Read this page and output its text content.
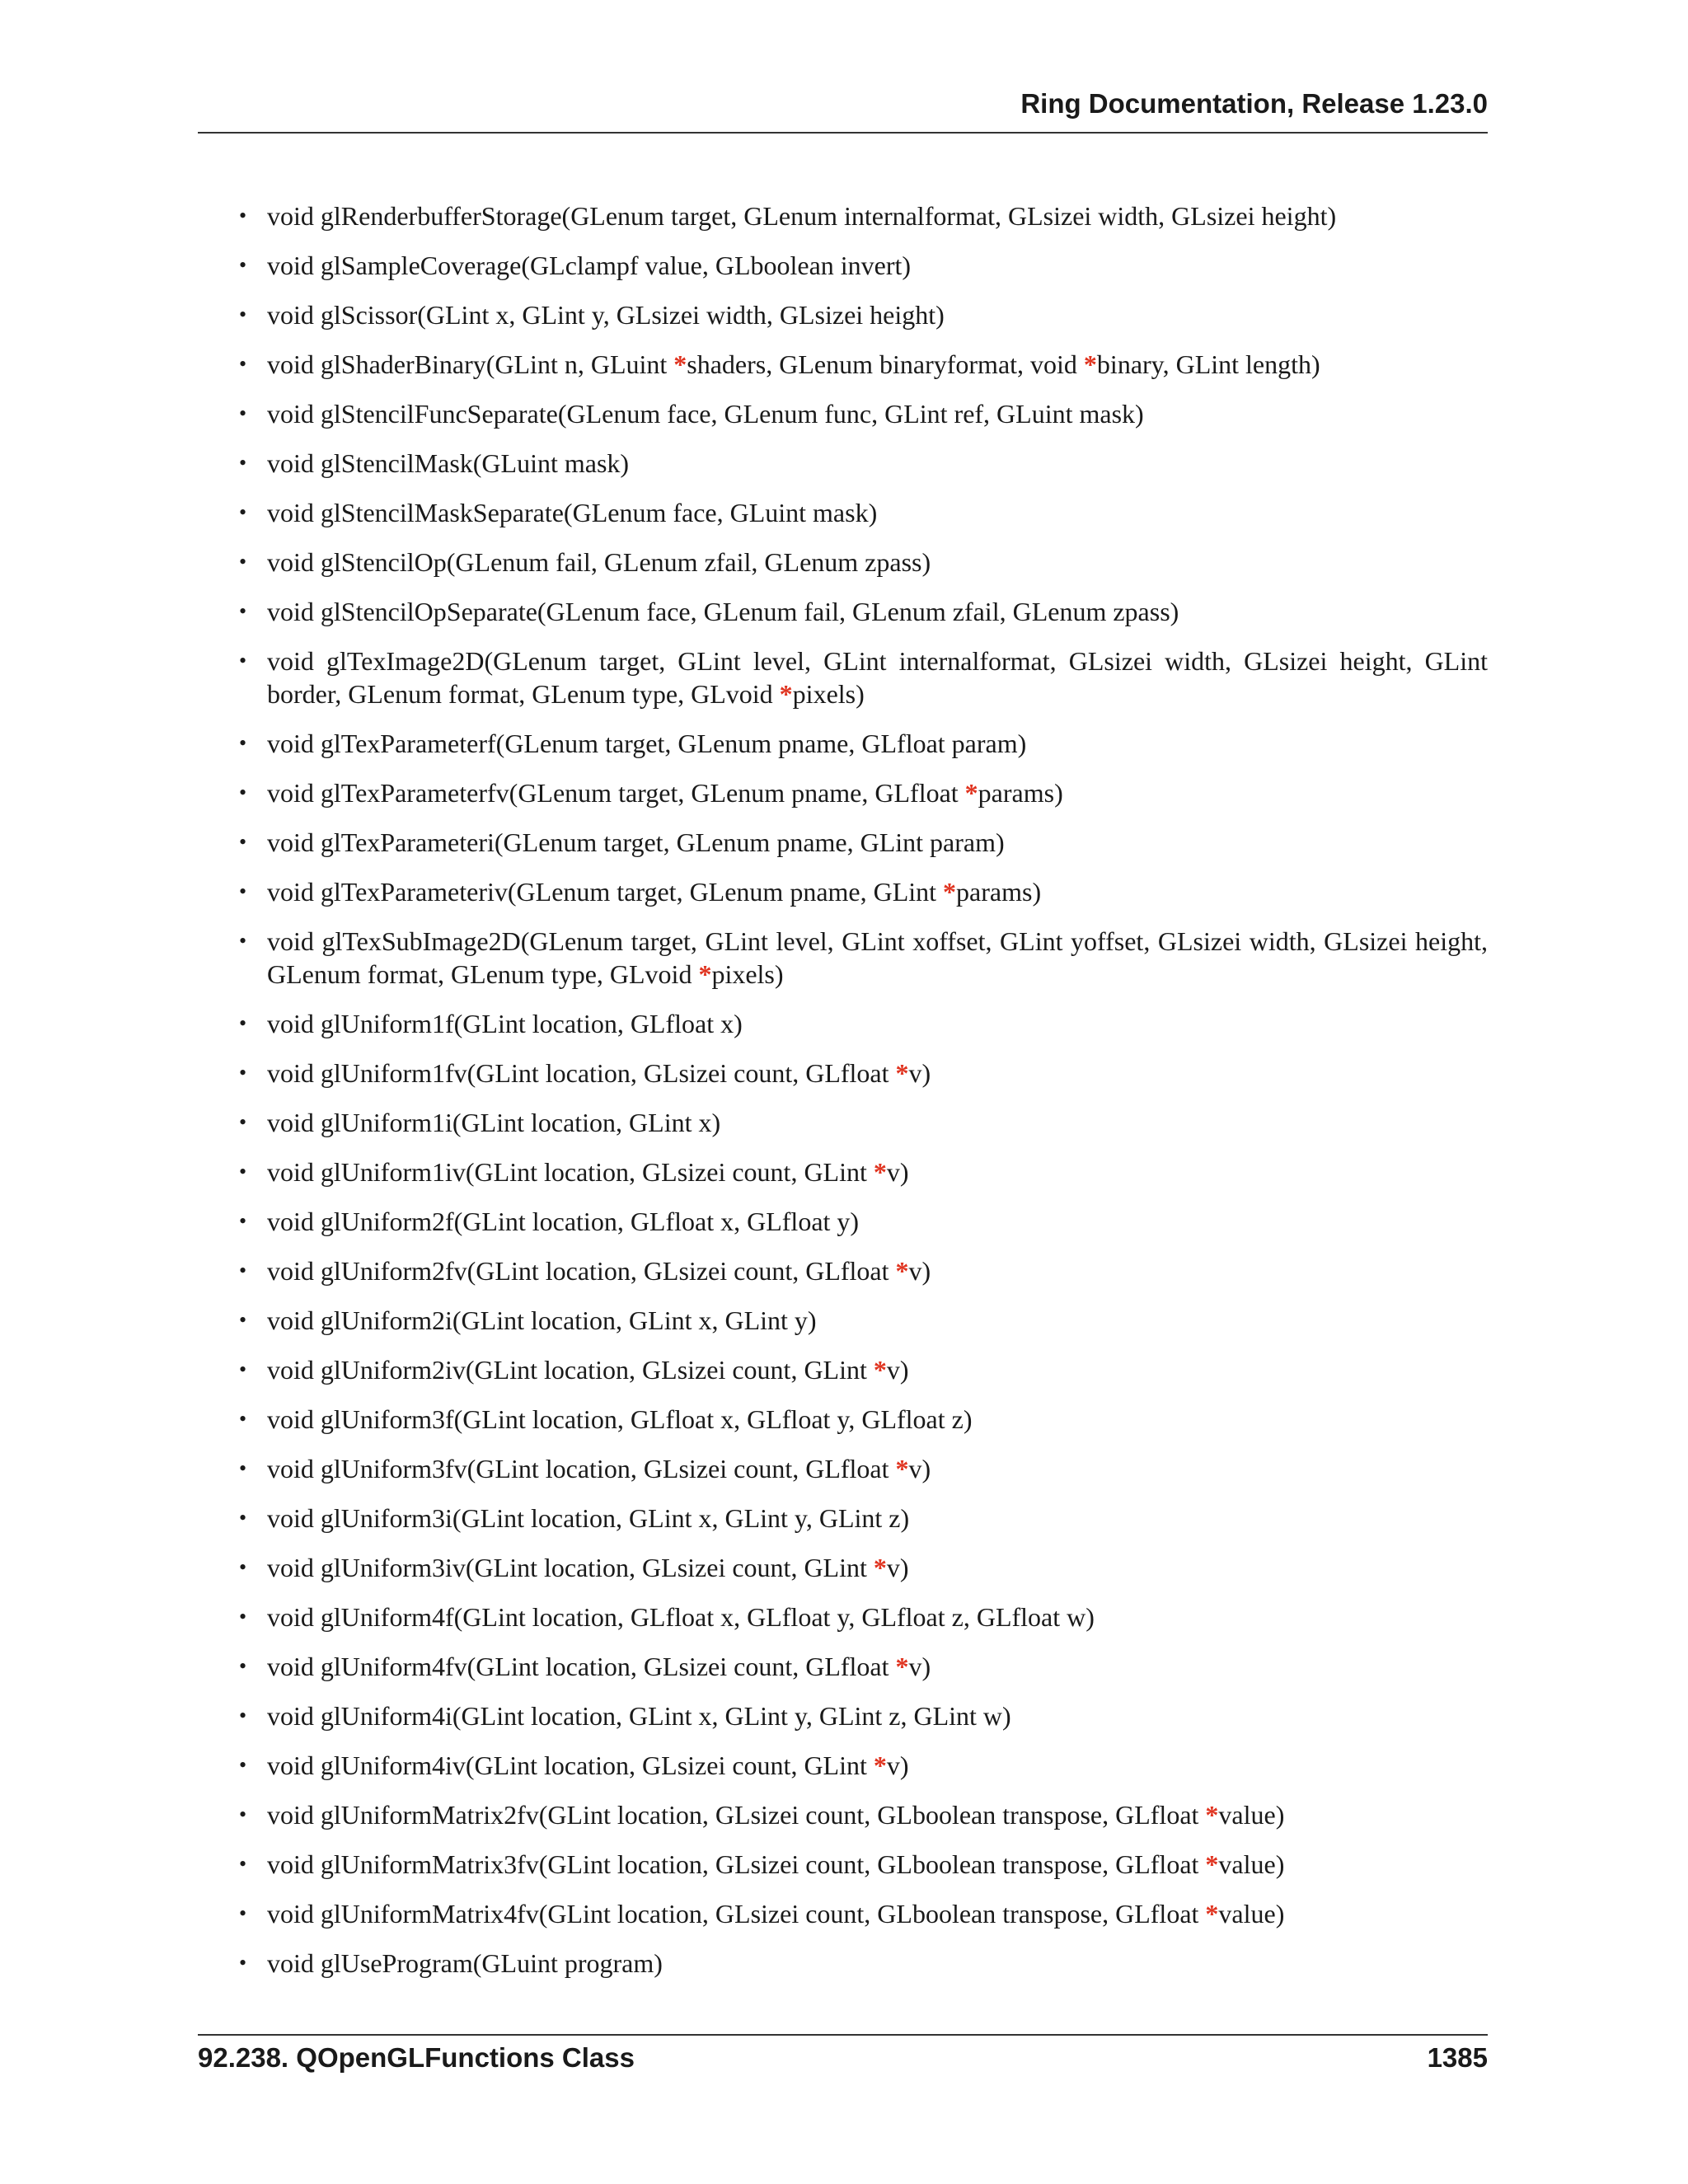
Ring Documentation, Release 1.23.0
• void glRenderbufferStorage(GLenum target, GLenum internalformat, GLsizei width, GLsizei height)
• void glSampleCoverage(GLclampf value, GLboolean invert)
• void glScissor(GLint x, GLint y, GLsizei width, GLsizei height)
• void glShaderBinary(GLint n, GLuint *shaders, GLenum binaryformat, void *binary, GLint length)
• void glStencilFuncSeparate(GLenum face, GLenum func, GLint ref, GLuint mask)
• void glStencilMask(GLuint mask)
• void glStencilMaskSeparate(GLenum face, GLuint mask)
• void glStencilOp(GLenum fail, GLenum zfail, GLenum zpass)
• void glStencilOpSeparate(GLenum face, GLenum fail, GLenum zfail, GLenum zpass)
• void glTexImage2D(GLenum target, GLint level, GLint internalformat, GLsizei width, GLsizei height, GLint border, GLenum format, GLenum type, GLvoid *pixels)
• void glTexParameterf(GLenum target, GLenum pname, GLfloat param)
• void glTexParameterfv(GLenum target, GLenum pname, GLfloat *params)
• void glTexParameteri(GLenum target, GLenum pname, GLint param)
• void glTexParameteriv(GLenum target, GLenum pname, GLint *params)
• void glTexSubImage2D(GLenum target, GLint level, GLint xoffset, GLint yoffset, GLsizei width, GLsizei height, GLenum format, GLenum type, GLvoid *pixels)
• void glUniform1f(GLint location, GLfloat x)
• void glUniform1fv(GLint location, GLsizei count, GLfloat *v)
• void glUniform1i(GLint location, GLint x)
• void glUniform1iv(GLint location, GLsizei count, GLint *v)
• void glUniform2f(GLint location, GLfloat x, GLfloat y)
• void glUniform2fv(GLint location, GLsizei count, GLfloat *v)
• void glUniform2i(GLint location, GLint x, GLint y)
• void glUniform2iv(GLint location, GLsizei count, GLint *v)
• void glUniform3f(GLint location, GLfloat x, GLfloat y, GLfloat z)
• void glUniform3fv(GLint location, GLsizei count, GLfloat *v)
• void glUniform3i(GLint location, GLint x, GLint y, GLint z)
• void glUniform3iv(GLint location, GLsizei count, GLint *v)
• void glUniform4f(GLint location, GLfloat x, GLfloat y, GLfloat z, GLfloat w)
• void glUniform4fv(GLint location, GLsizei count, GLfloat *v)
• void glUniform4i(GLint location, GLint x, GLint y, GLint z, GLint w)
• void glUniform4iv(GLint location, GLsizei count, GLint *v)
• void glUniformMatrix2fv(GLint location, GLsizei count, GLboolean transpose, GLfloat *value)
• void glUniformMatrix3fv(GLint location, GLsizei count, GLboolean transpose, GLfloat *value)
• void glUniformMatrix4fv(GLint location, GLsizei count, GLboolean transpose, GLfloat *value)
• void glUseProgram(GLuint program)
92.238. QOpenGLFunctions Class	1385
